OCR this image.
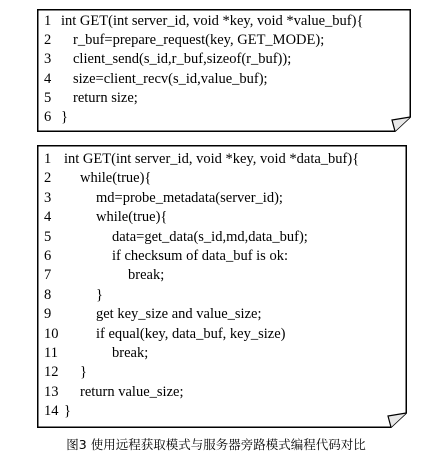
1 int GET(int server_id, void *key, void *value_buf){
2 r_buf=prepare_request(key, GET_MODE);
3 client_send(s_id,r_buf,sizeof(r_buf));
4 size=client_recv(s_id,value_buf);
5 return size;
6 }
1 int GET(int server_id, void *key, void *data_buf){
2 while(true){
3	md=probe_metadata(server_id);
4	while(true){
5	data=get_data(s_id,md,data_buf);
6	if checksum of data_buf is ok:
7	break;
8	}
9	get key_size and value_size;
10	if equal(key, data_buf, key_size)
11	break;
12 }
13 return value_size;
14 }
图3 使用远程获取模式与服务器旁路模式编程代码对比
